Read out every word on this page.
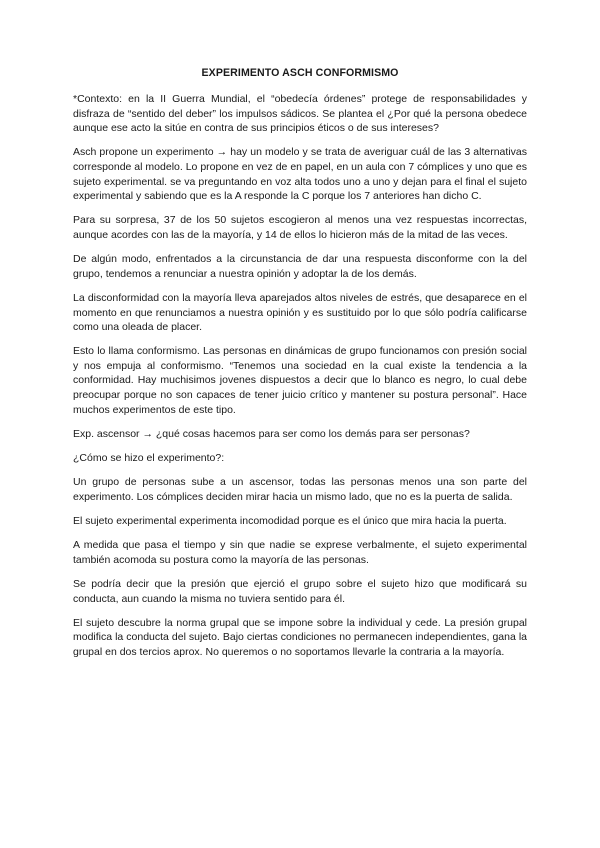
EXPERIMENTO ASCH CONFORMISMO

*Contexto: en la II Guerra Mundial, el “obedecía órdenes” protege de responsabilidades y disfraza de “sentido del deber” los impulsos sádicos. Se plantea el ¿Por qué la persona obedece aunque ese acto la sitúe en contra de sus principios éticos o de sus intereses?

Asch propone un experimento → hay un modelo y se trata de averiguar cuál de las 3 alternativas corresponde al modelo. Lo propone en vez de en papel, en un aula con 7 cómplices y uno que es sujeto experimental. se va preguntando en voz alta todos uno a uno y dejan para el final el sujeto experimental y sabiendo que es la A responde la C porque los 7 anteriores han dicho C.

Para su sorpresa, 37 de los 50 sujetos escogieron al menos una vez respuestas incorrectas, aunque acordes con las de la mayoría, y 14 de ellos lo hicieron más de la mitad de las veces.

De algún modo, enfrentados a la circunstancia de dar una respuesta disconforme con la del grupo, tendemos a renunciar a nuestra opinión y adoptar la de los demás.

La disconformidad con la mayoría lleva aparejados altos niveles de estrés, que desaparece en el momento en que renunciamos a nuestra opinión y es sustituido por lo que sólo podría calificarse como una oleada de placer.

Esto lo llama conformismo. Las personas en dinámicas de grupo funcionamos con presión social y nos empuja al conformismo. “Tenemos una sociedad en la cual existe la tendencia a la conformidad. Hay muchisimos jovenes dispuestos a decir que lo blanco es negro, lo cual debe preocupar porque no son capaces de tener juicio crítico y mantener su postura personal”. Hace muchos experimentos de este tipo.

Exp. ascensor → ¿qué cosas hacemos para ser como los demás para ser personas?

¿Cómo se hizo el experimento?:

Un grupo de personas sube a un ascensor, todas las personas menos una son parte del experimento. Los cómplices deciden mirar hacia un mismo lado, que no es la puerta de salida.

El sujeto experimental experimenta incomodidad porque es el único que mira hacia la puerta.

A medida que pasa el tiempo y sin que nadie se exprese verbalmente, el sujeto experimental también acomoda su postura como la mayoría de las personas.

Se podría decir que la presión que ejerció el grupo sobre el sujeto hizo que modificará su conducta, aun cuando la misma no tuviera sentido para él.

El sujeto descubre la norma grupal que se impone sobre la individual y cede. La presión grupal modifica la conducta del sujeto. Bajo ciertas condiciones no permanecen independientes, gana la grupal en dos tercios aprox. No queremos o no soportamos llevarle la contraria a la mayoría.
